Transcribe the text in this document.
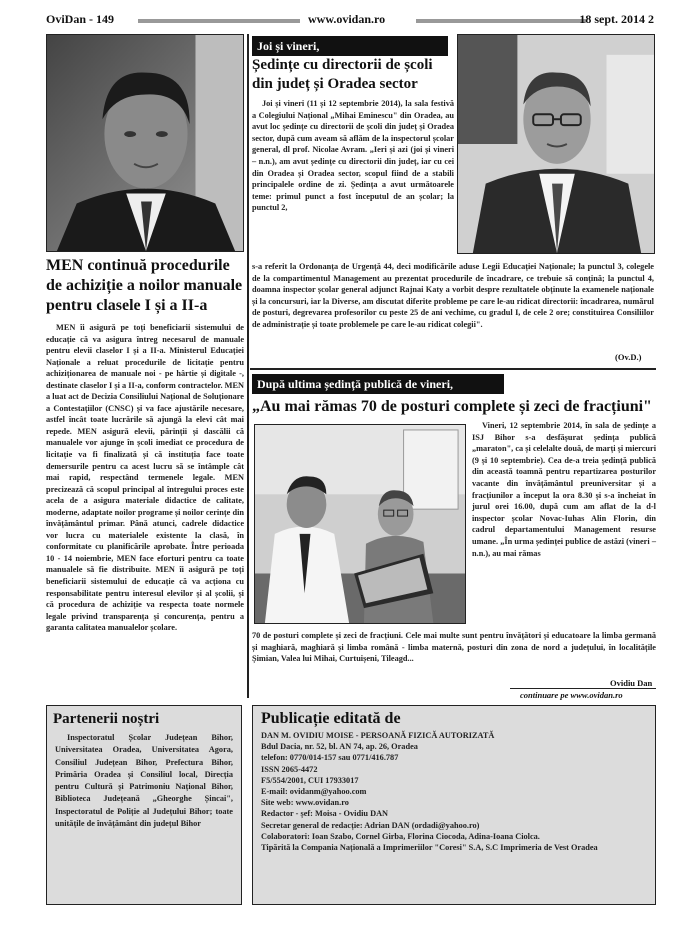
OviDan - 149	www.ovidan.ro	18 sept. 2014 2
MEN continuă procedurile de achiziție a noilor manuale pentru clasele I și a II-a
MEN îi asigură pe toți beneficiarii sistemului de educație că va asigura întreg necesarul de manuale pentru elevii claselor I și a II-a. Ministerul Educației Naționale a reluat procedurile de licitație pentru achiziționarea de manuale noi - pe hârtie și digitale -, destinate claselor I și a II-a, conform contractelor. MEN a luat act de Decizia Consiliului Național de Soluționare a Contestațiilor (CNSC) și va face ajustările necesare, astfel încât toate lucrările să ajungă la elevi cât mai repede. MEN asigură elevii, părinții și dascălii că manualele vor ajunge în școli imediat ce procedura de licitație va fi finalizată și că instituția face toate demersurile pentru ca acest lucru să se întâmple cât mai rapid, respectând termenele legale. MEN precizează că scopul principal al întregului proces este acela de a asigura materiale didactice de calitate, moderne, adaptate noilor programe și noilor cerințe din învățământul primar. Până atunci, cadrele didactice vor lucra cu materialele existente la clasă, în conformitate cu planificările aprobate. Între perioada 10 - 14 noiembrie, MEN face eforturi pentru ca toate manualele să fie distribuite. MEN îi asigură pe toți beneficiarii sistemului de educație că va acționa cu responsabilitate pentru interesul elevilor și al școlii, și că procedura de achiziție va respecta toate normele legale privind transparența și concurența, pentru a garanta calitatea manualelor școlare.
Joi și vineri,
Ședințe cu directorii de școli din județ și Oradea sector
Joi și vineri (11 și 12 septembrie 2014), la sala festivă a Colegiului Național „Mihai Eminescu" din Oradea, au avut loc ședințe cu directorii de școli din județ și Oradea sector, după cum aveam să aflăm de la inspectorul școlar general, dl prof. Nicolae Avram. „Ieri și azi (joi și vineri – n.n.), am avut ședințe cu directorii din județ, iar cu cei din Oradea și Oradea sector, scopul fiind de a stabili principalele ordine de zi. Ședința a avut următoarele teme: primul punct a fost începutul de an școlar; la punctul 2,
s-a referit la Ordonanța de Urgență 44, deci modificările aduse Legii Educației Naționale; la punctul 3, colegele de la compartimentul Management au prezentat procedurile de încadrare, ce trebuie să conțină; la punctul 4, doamna inspector școlar general adjunct Rajnai Katy a vorbit despre rezultatele obținute la examenele naționale și la concursuri, iar la Diverse, am discutat diferite probleme pe care le-au ridicat directorii: încadrarea, numărul de posturi, degrevarea profesorilor cu peste 25 de ani vechime, cu gradul I, de cele 2 ore; constituirea Consiliilor de administrație și toate problemele pe care le-au ridicat colegii".
(Ov.D.)
După ultima ședință publică de vineri,
„Au mai rămas 70 de posturi complete și zeci de fracțiuni"
Vineri, 12 septembrie 2014, în sala de ședințe a ISJ Bihor s-a desfășurat ședința publică „maraton", ca și celelalte două, de marți și miercuri (9 și 10 septembrie). Cea de-a treia ședință publică din această toamnă pentru repartizarea posturilor vacante din învățământul preuniversitar și a fracțiunilor a început la ora 8.30 și s-a încheiat în jurul orei 16.00, după cum am aflat de la d-l inspector școlar Novac-Iuhas Alin Florin, din cadrul departamentului Management resurse umane. „În urma ședinței publice de astăzi (vineri – n.n.), au mai rămas
70 de posturi complete și zeci de fracțiuni. Cele mai multe sunt pentru învățători și educatoare la limba germană și maghiară, maghiară și limba română - limba maternă, posturi din zona de nord a județului, în localitățile Șimian, Valea lui Mihai, Curtuișeni, Tileagd...
Ovidiu Dan
continuare pe www.ovidan.ro
Partenerii noștri
Inspectoratul Școlar Județean Bihor, Universitatea Oradea, Universitatea Agora, Consiliul Județean Bihor, Prefectura Bihor, Primăria Oradea și Consiliul local, Direcția pentru Cultură și Patrimoniu Național Bihor, Biblioteca Județeană „Gheorghe Șincai", Inspectoratul de Poliție al Județului Bihor; toate unitățile de învățământ din județul Bihor
Publicație editată de
DAN M. OVIDIU MOISE - PERSOANĂ FIZICĂ AUTORIZATĂ
Bdul Dacia, nr. 52, bl. AN 74, ap. 26, Oradea
telefon: 0770/014-157 sau 0771/416.787
ISSN 2065-4472
F5/554/2001, CUI 17933017
E-mail: ovidanm@yahoo.com
Site web: www.ovidan.ro
Redactor - șef: Moisa - Ovidiu DAN
Secretar general de redacție: Adrian DAN (ordadi@yahoo.ro)
Colaboratori: Ioan Szabo, Cornel Girba, Florina Ciocoda, Adina-Ioana Ciolca.
Tipărită la Compania Națională a Imprimeriilor "Coresi" S.A, S.C Imprimeria de Vest Oradea
